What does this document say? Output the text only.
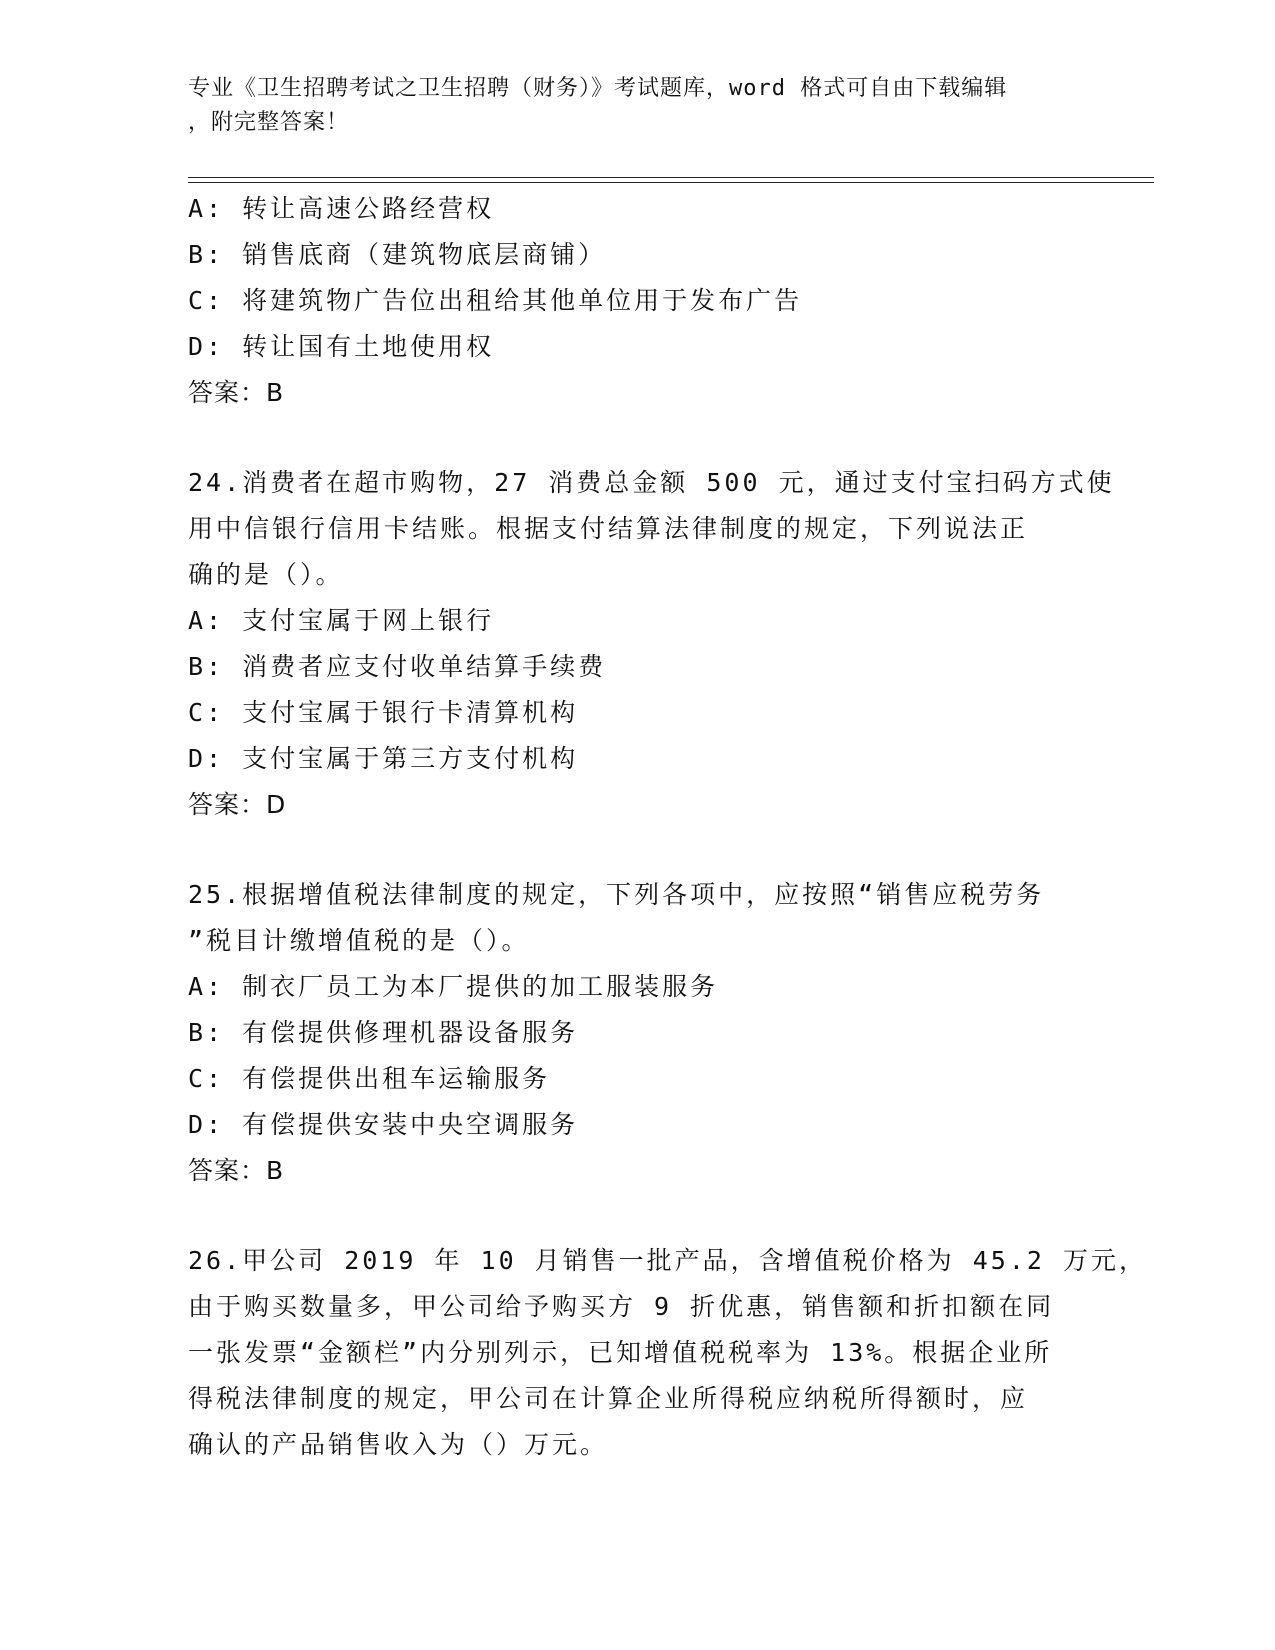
专业《卫生招聘考试之卫生招聘（财务）》考试题库，word 格式可自由下载编辑
，附完整答案！
A: 转让高速公路经营权
B: 销售底商（建筑物底层商铺）
C: 将建筑物广告位出租给其他单位用于发布广告
D: 转让国有土地使用权
答案：B
24.消费者在超市购物，27 消费总金额 500 元，通过支付宝扫码方式使
用中信银行信用卡结账。根据支付结算法律制度的规定，下列说法正
确的是（）。
A: 支付宝属于网上银行
B: 消费者应支付收单结算手续费
C: 支付宝属于银行卡清算机构
D: 支付宝属于第三方支付机构
答案：D
25.根据增值税法律制度的规定，下列各项中，应按照“销售应税劳务
”税目计缴增值税的是（）。
A: 制衣厂员工为本厂提供的加工服装服务
B: 有偿提供修理机器设备服务
C: 有偿提供出租车运输服务
D: 有偿提供安装中央空调服务
答案：B
26.甲公司 2019 年 10 月销售一批产品，含增值税价格为 45.2 万元，
由于购买数量多，甲公司给予购买方 9 折优惠，销售额和折扣额在同
一张发票“金额栏”内分别列示，已知增值税税率为 13%。根据企业所
得税法律制度的规定，甲公司在计算企业所得税应纳税所得额时，应
确认的产品销售收入为（）万元。
